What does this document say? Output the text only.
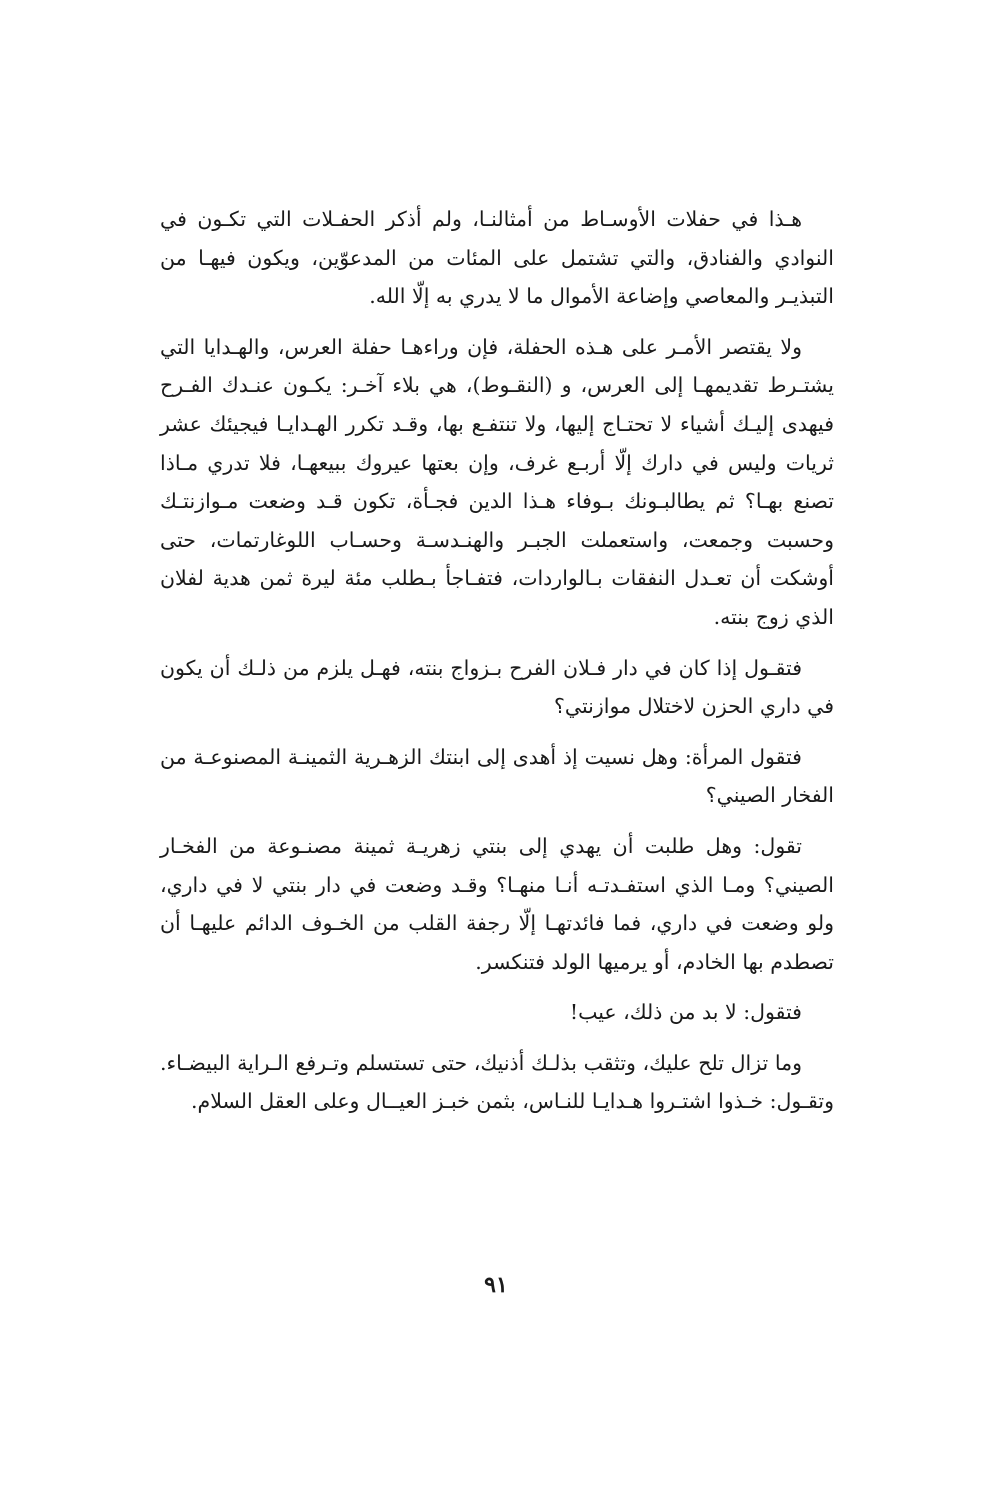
هـذا في حفلات الأوسـاط من أمثالنـا، ولم أذكر الحفـلات التي تكـون في النوادي والفنادق، والتي تشتمل على المئات من المدعوّين، ويكون فيهـا من التبذيـر والمعاصي وإضاعة الأموال ما لا يدري به إلّا الله.

ولا يقتصر الأمـر على هـذه الحفلة، فإن وراءهـا حفلة العرس، والهـدايا التي يشتـرط تقديمهـا إلى العرس، و (النقـوط)، هي بلاء آخـر: يكـون عنـدك الفـرح فيهدى إليـك أشياء لا تحتـاج إليها، ولا تنتفـع بها، وقـد تكرر الهـدايـا فيجيئك عشر ثريات وليس في دارك إلّا أربـع غرف، وإن بعتها عيروك ببيعهـا، فلا تدري مـاذا تصنع بهـا؟ ثم يطالبـونك بـوفاء هـذا الدين فجـأة، تكون قـد وضعت مـوازنتـك وحسبت وجمعت، واستعملت الجبـر والهنـدسـة وحسـاب اللوغارتمات، حتى أوشكت أن تعـدل النفقات بـالواردات، فتفـاجأ بـطلب مئة ليرة ثمن هدية لفلان الذي زوج بنته.

فتقـول إذا كان في دار فـلان الفرح بـزواج بنته، فهـل يلزم من ذلـك أن يكون في داري الحزن لاختلال موازنتي؟

فتقول المرأة: وهل نسيت إذ أهدى إلى ابنتك الزهـرية الثمينـة المصنوعـة من الفخار الصيني؟

تقول: وهل طلبت أن يهدي إلى بنتي زهريـة ثمينة مصنـوعة من الفخـار الصيني؟ ومـا الذي استفـدتـه أنـا منهـا؟ وقـد وضعت في دار بنتي لا في داري، ولو وضعت في داري، فما فائدتهـا إلّا رجفة القلب من الخـوف الدائم عليهـا أن تصطدم بها الخادم، أو يرميها الولد فتنكسر.

فتقول: لا بد من ذلك، عيب!

وما تزال تلح عليك، وتثقب بذلـك أذنيك، حتى تستسلم وتـرفع الـراية البيضـاء. وتقـول: خـذوا اشتـروا هـدايـا للنـاس، بثمن خبـز العيــال وعلى العقل السلام.

٩١
